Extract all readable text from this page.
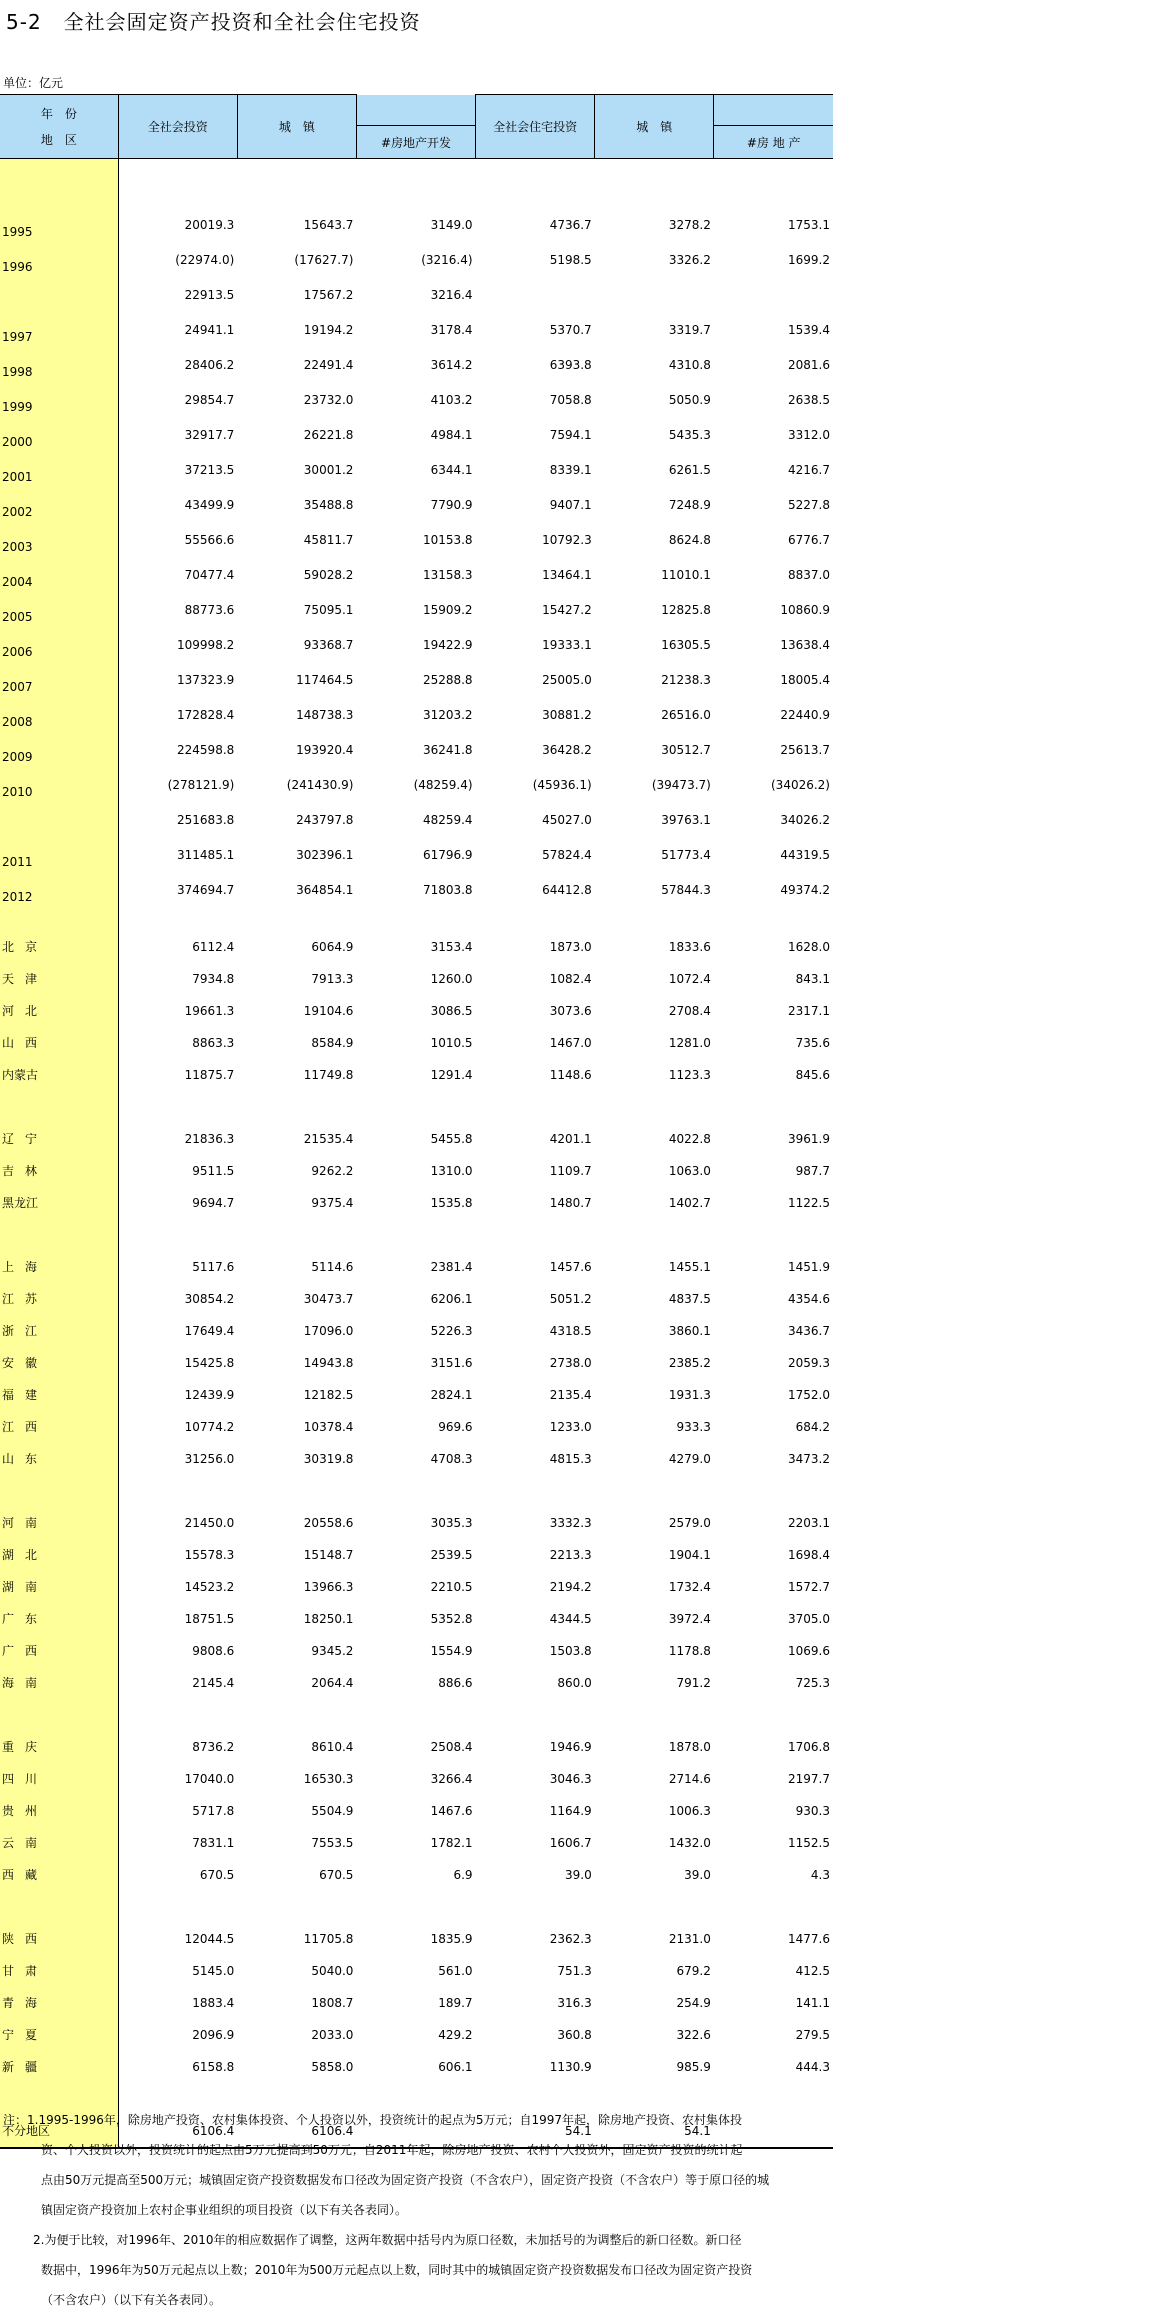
5-2 全社会固定资产投资和全社会住宅投资
单位：亿元
年　份
地　区	全社会投资	城　镇		全社会住宅投资	城　镇	
			#房地产开发			#房 地 产

1995	20019.3	15643.7	3149.0	4736.7	3278.2	1753.1
1996	(22974.0)	(17627.7)	(3216.4)	5198.5	3326.2	1699.2
	22913.5	17567.2	3216.4			
1997	24941.1	19194.2	3178.4	5370.7	3319.7	1539.4
1998	28406.2	22491.4	3614.2	6393.8	4310.8	2081.6
1999	29854.7	23732.0	4103.2	7058.8	5050.9	2638.5
2000	32917.7	26221.8	4984.1	7594.1	5435.3	3312.0
2001	37213.5	30001.2	6344.1	8339.1	6261.5	4216.7
2002	43499.9	35488.8	7790.9	9407.1	7248.9	5227.8
2003	55566.6	45811.7	10153.8	10792.3	8624.8	6776.7
2004	70477.4	59028.2	13158.3	13464.1	11010.1	8837.0
2005	88773.6	75095.1	15909.2	15427.2	12825.8	10860.9
2006	109998.2	93368.7	19422.9	19333.1	16305.5	13638.4
2007	137323.9	117464.5	25288.8	25005.0	21238.3	18005.4
2008	172828.4	148738.3	31203.2	30881.2	26516.0	22440.9
2009	224598.8	193920.4	36241.8	36428.2	30512.7	25613.7
2010	(278121.9)	(241430.9)	(48259.4)	(45936.1)	(39473.7)	(34026.2)
	251683.8	243797.8	48259.4	45027.0	39763.1	34026.2
2011	311485.1	302396.1	61796.9	57824.4	51773.4	44319.5
2012	374694.7	364854.1	71803.8	64412.8	57844.3	49374.2

北京	6112.4	6064.9	3153.4	1873.0	1833.6	1628.0
天津	7934.8	7913.3	1260.0	1082.4	1072.4	843.1
河北	19661.3	19104.6	3086.5	3073.6	2708.4	2317.1
山西	8863.3	8584.9	1010.5	1467.0	1281.0	735.6
内蒙古	11875.7	11749.8	1291.4	1148.6	1123.3	845.6

辽宁	21836.3	21535.4	5455.8	4201.1	4022.8	3961.9
吉林	9511.5	9262.2	1310.0	1109.7	1063.0	987.7
黑龙江	9694.7	9375.4	1535.8	1480.7	1402.7	1122.5

上海	5117.6	5114.6	2381.4	1457.6	1455.1	1451.9
江苏	30854.2	30473.7	6206.1	5051.2	4837.5	4354.6
浙江	17649.4	17096.0	5226.3	4318.5	3860.1	3436.7
安徽	15425.8	14943.8	3151.6	2738.0	2385.2	2059.3
福建	12439.9	12182.5	2824.1	2135.4	1931.3	1752.0
江西	10774.2	10378.4	969.6	1233.0	933.3	684.2
山东	31256.0	30319.8	4708.3	4815.3	4279.0	3473.2

河南	21450.0	20558.6	3035.3	3332.3	2579.0	2203.1
湖北	15578.3	15148.7	2539.5	2213.3	1904.1	1698.4
湖南	14523.2	13966.3	2210.5	2194.2	1732.4	1572.7
广东	18751.5	18250.1	5352.8	4344.5	3972.4	3705.0
广西	9808.6	9345.2	1554.9	1503.8	1178.8	1069.6
海南	2145.4	2064.4	886.6	860.0	791.2	725.3

重庆	8736.2	8610.4	2508.4	1946.9	1878.0	1706.8
四川	17040.0	16530.3	3266.4	3046.3	2714.6	2197.7
贵州	5717.8	5504.9	1467.6	1164.9	1006.3	930.3
云南	7831.1	7553.5	1782.1	1606.7	1432.0	1152.5
西藏	670.5	670.5	6.9	39.0	39.0	4.3

陕西	12044.5	11705.8	1835.9	2362.3	2131.0	1477.6
甘肃	5145.0	5040.0	561.0	751.3	679.2	412.5
青海	1883.4	1808.7	189.7	316.3	254.9	141.1
宁夏	2096.9	2033.0	429.2	360.8	322.6	279.5
新疆	6158.8	5858.0	606.1	1130.9	985.9	444.3

不分地区	6106.4	6106.4		54.1	54.1	
注：1.1995-1996年，除房地产投资、农村集体投资、个人投资以外，投资统计的起点为5万元；自1997年起，除房地产投资、农村集体投
资、个人投资以外，投资统计的起点由5万元提高到50万元；自2011年起，除房地产投资、农村个人投资外，固定资产投资的统计起
点由50万元提高至500万元；城镇固定资产投资数据发布口径改为固定资产投资（不含农户），固定资产投资（不含农户）等于原口径的城
镇固定资产投资加上农村企事业组织的项目投资（以下有关各表同）。
2.为便于比较，对1996年、2010年的相应数据作了调整，这两年数据中括号内为原口径数，未加括号的为调整后的新口径数。新口径
数据中，1996年为50万元起点以上数；2010年为500万元起点以上数，同时其中的城镇固定资产投资数据发布口径改为固定资产投资
（不含农户）（以下有关各表同）。
